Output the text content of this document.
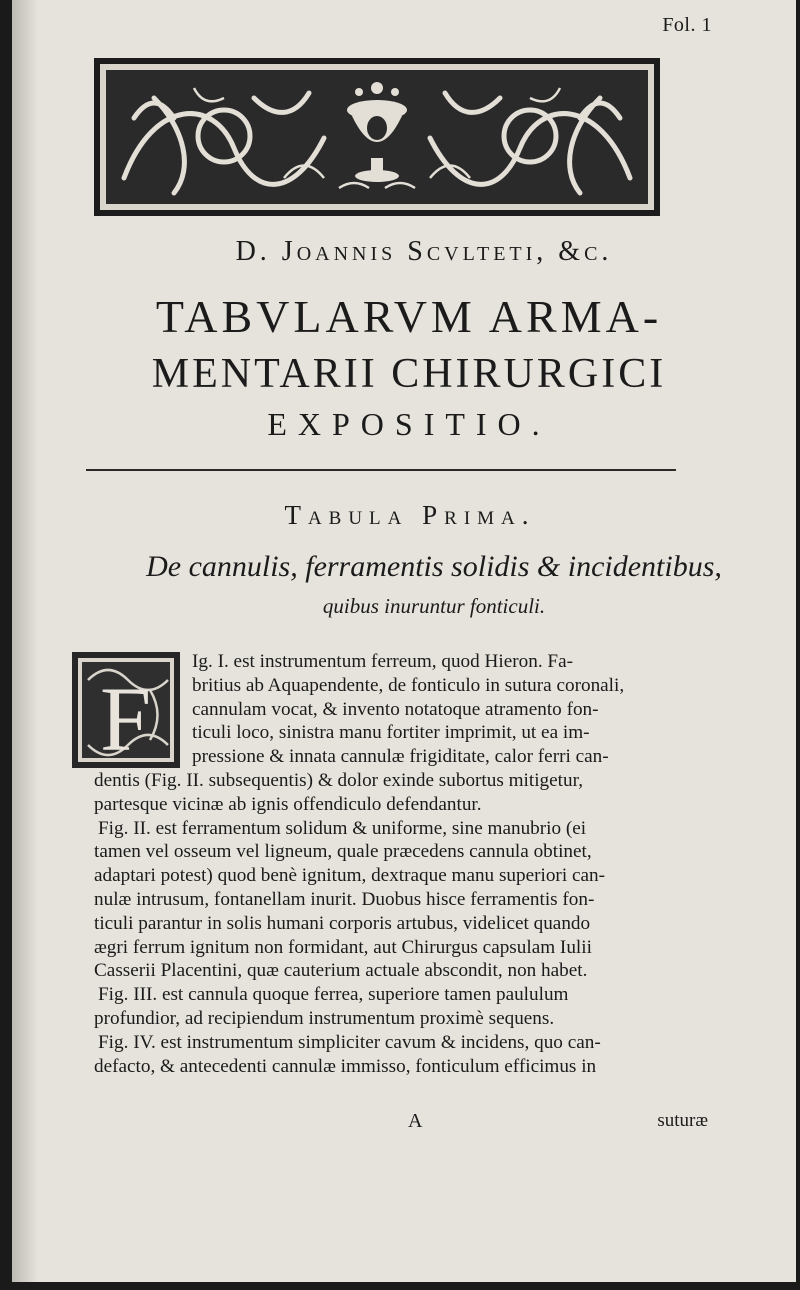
Fol. 1
D. Joannis Scvlteti, &c.
TABVLARVM ARMA-
MENTARII CHIRURGICI
EXPOSITIO.
Tabula Prima.
De cannulis, ferramentis solidis & incidentibus,
quibus inuruntur fonticuli.
F
Ig. I. est instrumentum ferreum, quod Hieron. Fa-
britius ab Aquapendente, de fonticulo in sutura coronali,
cannulam vocat, & invento notatoque atramento fon-
ticuli loco, sinistra manu fortiter imprimit, ut ea im-
pressione & innata cannulæ frigiditate, calor ferri can-
dentis (Fig. II. subsequentis) & dolor exinde subortus mitigetur,
partesque vicinæ ab ignis offendiculo defendantur.
Fig. II. est ferramentum solidum & uniforme, sine manubrio (ei
tamen vel osseum vel ligneum, quale præcedens cannula obtinet,
adaptari potest) quod benè ignitum, dextraque manu superiori can-
nulæ intrusum, fontanellam inurit. Duobus hisce ferramentis fon-
ticuli parantur in solis humani corporis artubus, videlicet quando
ægri ferrum ignitum non formidant, aut Chirurgus capsulam Iulii
Casserii Placentini, quæ cauterium actuale abscondit, non habet.
Fig. III. est cannula quoque ferrea, superiore tamen paululum
profundior, ad recipiendum instrumentum proximè sequens.
Fig. IV. est instrumentum simpliciter cavum & incidens, quo can-
defacto, & antecedenti cannulæ immisso, fonticulum efficimus in
A	suturæ
